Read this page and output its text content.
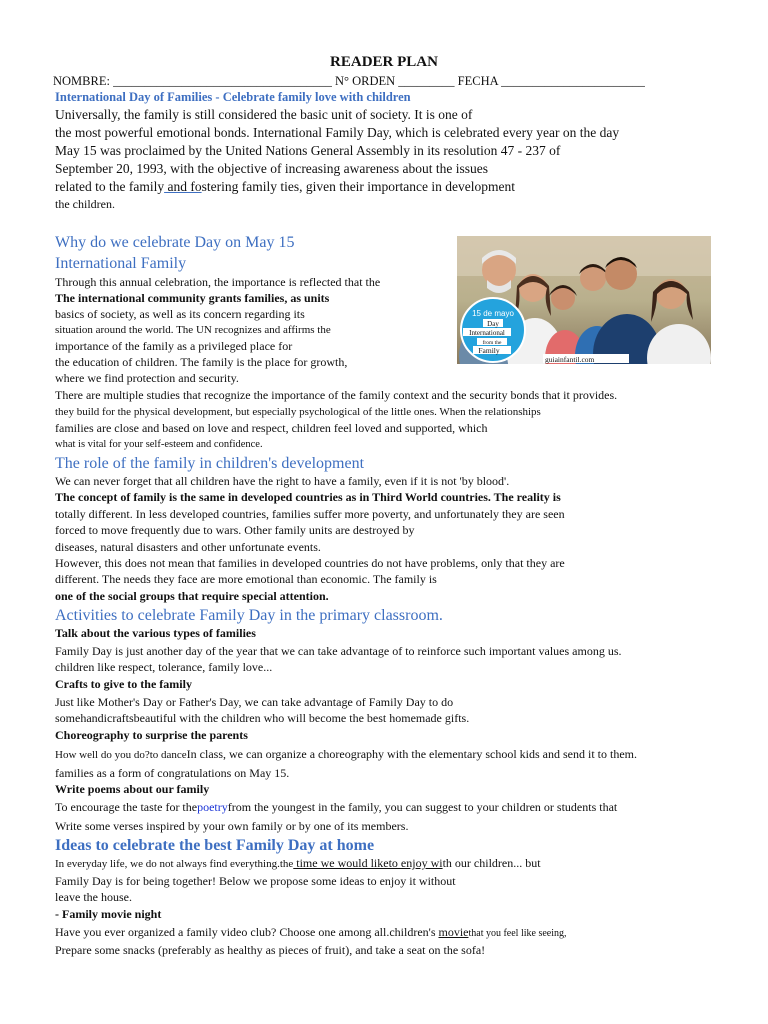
READER PLAN
NOMBRE: ___________________________________ N° ORDEN _________ FECHA _______________________
International Day of Families - Celebrate family love with children
Universally, the family is still considered the basic unit of society. It is one of
the most powerful emotional bonds. International Family Day, which is celebrated every year on the day
May 15 was proclaimed by the United Nations General Assembly in its resolution 47 - 237 of
September 20, 1993, with the objective of increasing awareness about the issues
related to the family and fostering family ties, given their importance in development
the children.
Why do we celebrate Day on May 15
International Family
Through this annual celebration, the importance is reflected that the
The international community grants families, as units
basics of society, as well as its concern regarding its
situation around the world. The UN recognizes and affirms the
importance of the family as a privileged place for
the education of children. The family is the place for growth,
where we find protection and security.
There are multiple studies that recognize the importance of the family context and the security bonds that it provides.
they build for the physical development, but especially psychological of the little ones. When the relationships
families are close and based on love and respect, children feel loved and supported, which
what is vital for your self-esteem and confidence.
15 de mayo
Day
International
from the
Family
guiainfantil.com
The role of the family in children's development
We can never forget that all children have the right to have a family, even if it is not 'by blood'.
The concept of family is the same in developed countries as in Third World countries. The reality is
totally different. In less developed countries, families suffer more poverty, and unfortunately they are seen
forced to move frequently due to wars. Other family units are destroyed by
diseases, natural disasters and other unfortunate events.
However, this does not mean that families in developed countries do not have problems, only that they are
different. The needs they face are more emotional than economic. The family is
one of the social groups that require special attention.
Activities to celebrate Family Day in the primary classroom.
Talk about the various types of families
Family Day is just another day of the year that we can take advantage of to reinforce such important values among us.
children like respect, tolerance, family love...
Crafts to give to the family
Just like Mother's Day or Father's Day, we can take advantage of Family Day to do
somehandicraftsbeautiful with the children who will become the best homemade gifts.
Choreography to surprise the parents
How well do you do?to danceIn class, we can organize a choreography with the elementary school kids and send it to them.
families as a form of congratulations on May 15.
Write poems about our family
To encourage the taste for thepoetryfrom the youngest in the family, you can suggest to your children or students that
Write some verses inspired by your own family or by one of its members.
Ideas to celebrate the best Family Day at home
In everyday life, we do not always find everything.the time we would liketo enjoy with our children... but
Family Day is for being together! Below we propose some ideas to enjoy it without
leave the house.
- Family movie night
Have you ever organized a family video club? Choose one among all.children's moviethat you feel like seeing,
Prepare some snacks (preferably as healthy as pieces of fruit), and take a seat on the sofa!
